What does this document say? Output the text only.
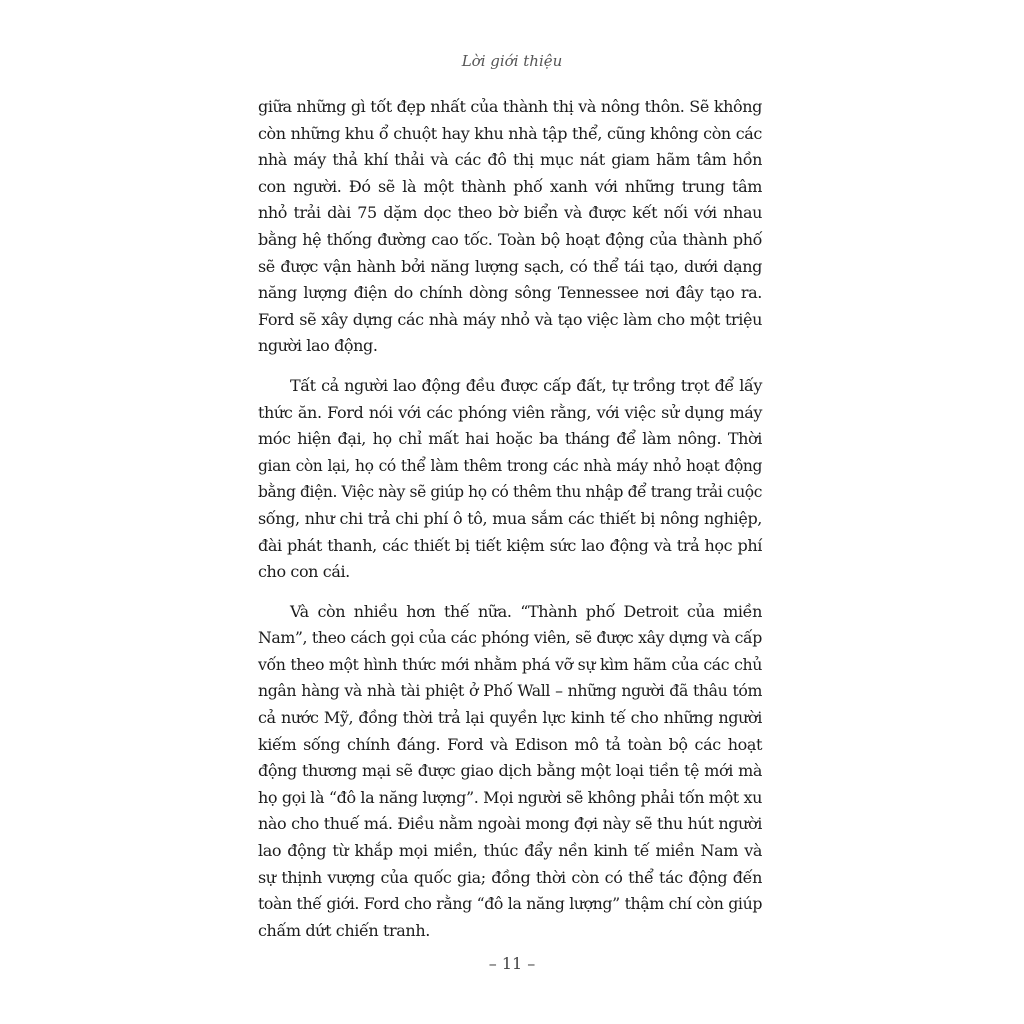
Lời giới thiệu

giữa những gì tốt đẹp nhất của thành thị và nông thôn. Sẽ không
còn những khu ổ chuột hay khu nhà tập thể, cũng không còn các
nhà máy thả khí thải và các đô thị mục nát giam hãm tâm hồn
con người. Đó sẽ là một thành phố xanh với những trung tâm
nhỏ trải dài 75 dặm dọc theo bờ biển và được kết nối với nhau
bằng hệ thống đường cao tốc. Toàn bộ hoạt động của thành phố
sẽ được vận hành bởi năng lượng sạch, có thể tái tạo, dưới dạng
năng lượng điện do chính dòng sông Tennessee nơi đây tạo ra.
Ford sẽ xây dựng các nhà máy nhỏ và tạo việc làm cho một triệu
người lao động.

Tất cả người lao động đều được cấp đất, tự trồng trọt để lấy
thức ăn. Ford nói với các phóng viên rằng, với việc sử dụng máy
móc hiện đại, họ chỉ mất hai hoặc ba tháng để làm nông. Thời
gian còn lại, họ có thể làm thêm trong các nhà máy nhỏ hoạt động
bằng điện. Việc này sẽ giúp họ có thêm thu nhập để trang trải cuộc
sống, như chi trả chi phí ô tô, mua sắm các thiết bị nông nghiệp,
đài phát thanh, các thiết bị tiết kiệm sức lao động và trả học phí
cho con cái.

Và còn nhiều hơn thế nữa. “Thành phố Detroit của miền
Nam”, theo cách gọi của các phóng viên, sẽ được xây dựng và cấp
vốn theo một hình thức mới nhằm phá vỡ sự kìm hãm của các chủ
ngân hàng và nhà tài phiệt ở Phố Wall – những người đã thâu tóm
cả nước Mỹ, đồng thời trả lại quyền lực kinh tế cho những người
kiếm sống chính đáng. Ford và Edison mô tả toàn bộ các hoạt
động thương mại sẽ được giao dịch bằng một loại tiền tệ mới mà
họ gọi là “đô la năng lượng”. Mọi người sẽ không phải tốn một xu
nào cho thuế má. Điều nằm ngoài mong đợi này sẽ thu hút người
lao động từ khắp mọi miền, thúc đẩy nền kinh tế miền Nam và
sự thịnh vượng của quốc gia; đồng thời còn có thể tác động đến
toàn thế giới. Ford cho rằng “đô la năng lượng” thậm chí còn giúp
chấm dứt chiến tranh.

– 11 –
